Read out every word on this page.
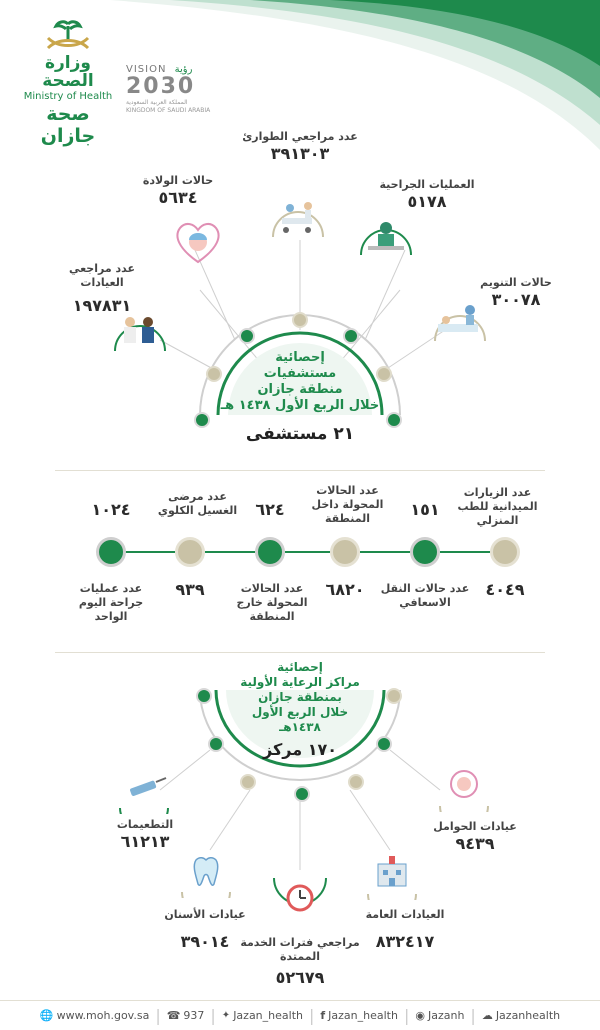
وزارة الصحة
Ministry of Health
صحة جازان
VISION رؤية
2030
المملكة العربية السعودية
KINGDOM OF SAUDI ARABIA
إحصائية
مستشفيات
منطقة جازان
خلال الربع الأول ١٤٣٨ هـ
٢١ مستشفى
عدد مراجعي الطوارئ
٣٩١٣٠٣
حالات الولادة
٥٦٣٤
العمليات الجراحية
٥١٧٨
عدد مراجعي العيادات
١٩٧٨٣١
حالات التنويم
٣٠٠٧٨
عدد الزيارات الميدانية للطب المنزلي
١٥١
عدد الحالات المحولة داخل المنطقة
٦٢٤
عدد مرضى الغسيل الكلوي
١٠٢٤
٤٠٤٩
عدد حالات النقل الاسعافي
٦٨٢٠
عدد الحالات المحولة خارج المنطقة
٩٣٩
عدد عمليات جراحة اليوم الواحد
إحصائية
مراكز الرعاية الأولية
بمنطقة جازان
خلال الربع الأول
١٤٣٨هـ
١٧٠ مركز
التطعيمات
٦١٢١٣
عيادات الحوامل
٩٤٣٩
عيادات الأسنان
٣٩٠١٤
العيادات العامة
٨٣٢٤١٧
مراجعي فترات الخدمة الممتدة
٥٢٦٧٩
🌐 www.moh.gov.sa | ☎ 937 | ✦ Jazan_health | f Jazan_health | ◉ Jazanh | ☁ Jazanhealth
